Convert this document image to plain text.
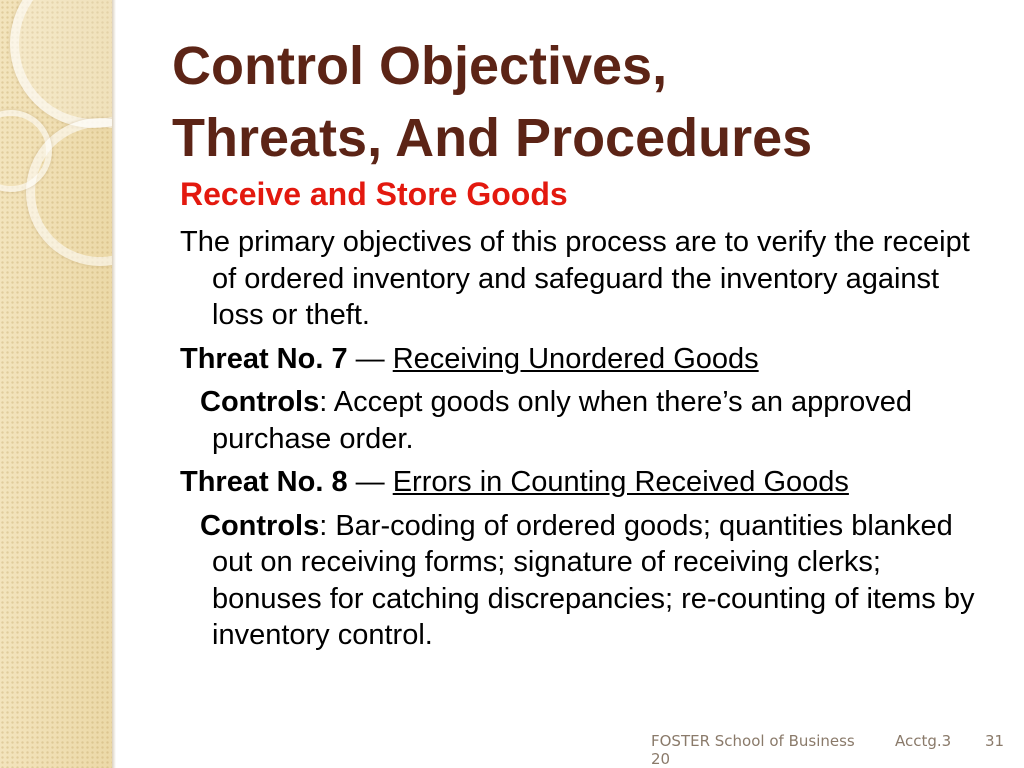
Control Objectives,
Threats, And Procedures

Receive and Store Goods

The primary objectives of this process are to verify the receipt of ordered inventory and safeguard the inventory against loss or theft.

Threat No. 7 — Receiving Unordered Goods

Controls: Accept goods only when there’s an approved purchase order.

Threat No. 8 — Errors in Counting Received Goods

Controls: Bar-coding of ordered goods; quantities blanked out on receiving forms; signature of receiving clerks; bonuses for catching discrepancies; re-counting of items by inventory control.

FOSTER School of Business	Acctg.3 31
20
